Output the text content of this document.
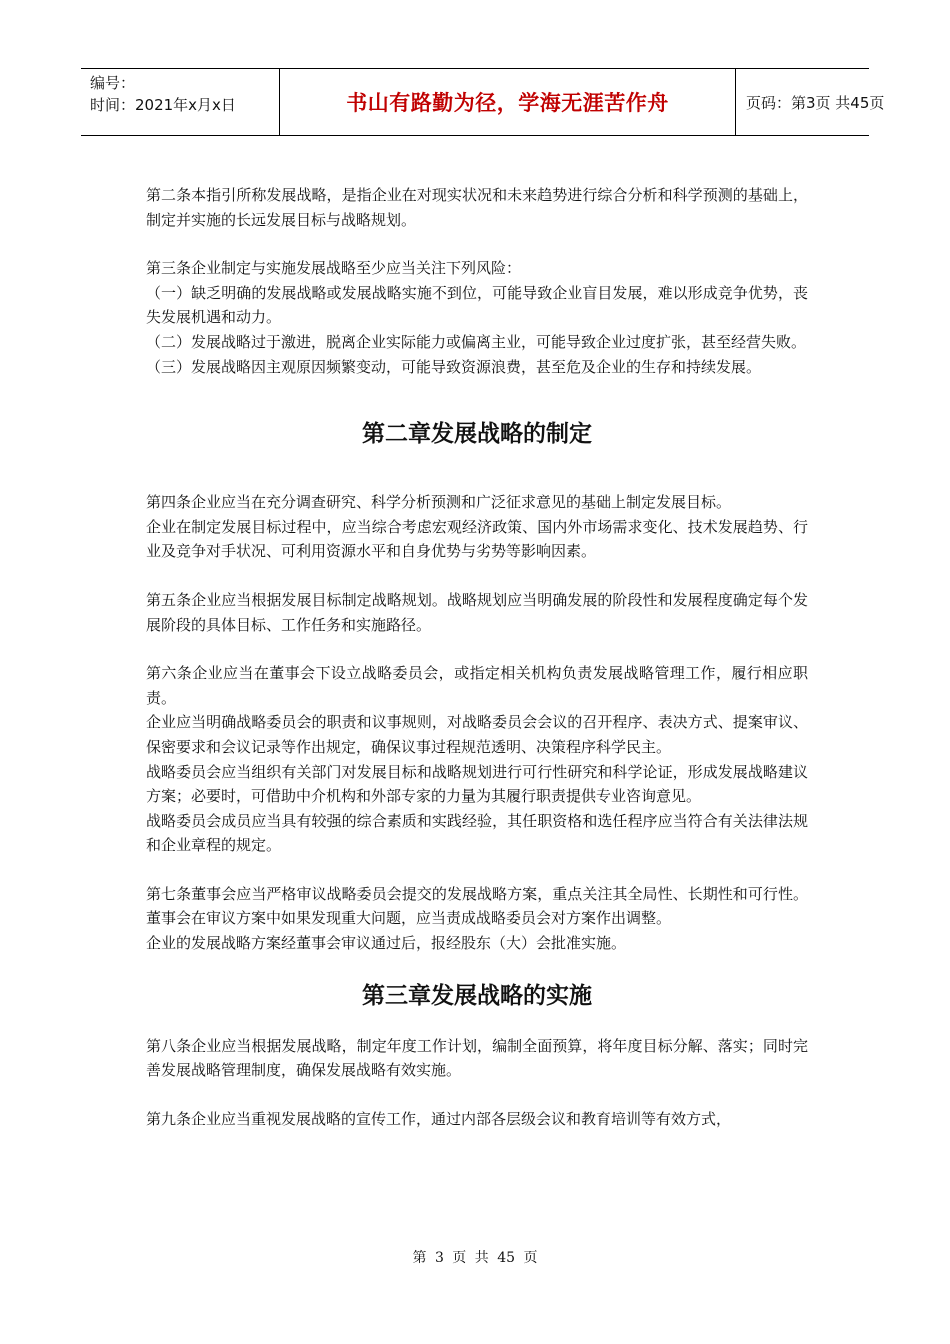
编号：
时间：2021年x月x日	书山有路勤为径，学海无涯苦作舟	页码：第3页 共45页

第二条本指引所称发展战略，是指企业在对现实状况和未来趋势进行综合分析和科学预测的基础上，制定并实施的长远发展目标与战略规划。

第三条企业制定与实施发展战略至少应当关注下列风险：

（一）缺乏明确的发展战略或发展战略实施不到位，可能导致企业盲目发展，难以形成竞争优势，丧失发展机遇和动力。

（二）发展战略过于激进，脱离企业实际能力或偏离主业，可能导致企业过度扩张，甚至经营失败。

（三）发展战略因主观原因频繁变动，可能导致资源浪费，甚至危及企业的生存和持续发展。

第二章发展战略的制定

第四条企业应当在充分调查研究、科学分析预测和广泛征求意见的基础上制定发展目标。

企业在制定发展目标过程中，应当综合考虑宏观经济政策、国内外市场需求变化、技术发展趋势、行业及竞争对手状况、可利用资源水平和自身优势与劣势等影响因素。

第五条企业应当根据发展目标制定战略规划。战略规划应当明确发展的阶段性和发展程度确定每个发展阶段的具体目标、工作任务和实施路径。

第六条企业应当在董事会下设立战略委员会，或指定相关机构负责发展战略管理工作，履行相应职责。

企业应当明确战略委员会的职责和议事规则，对战略委员会会议的召开程序、表决方式、提案审议、保密要求和会议记录等作出规定，确保议事过程规范透明、决策程序科学民主。

战略委员会应当组织有关部门对发展目标和战略规划进行可行性研究和科学论证，形成发展战略建议方案；必要时，可借助中介机构和外部专家的力量为其履行职责提供专业咨询意见。

战略委员会成员应当具有较强的综合素质和实践经验，其任职资格和选任程序应当符合有关法律法规和企业章程的规定。

第七条董事会应当严格审议战略委员会提交的发展战略方案，重点关注其全局性、长期性和可行性。董事会在审议方案中如果发现重大问题，应当责成战略委员会对方案作出调整。

企业的发展战略方案经董事会审议通过后，报经股东（大）会批准实施。

第三章发展战略的实施

第八条企业应当根据发展战略，制定年度工作计划，编制全面预算，将年度目标分解、落实；同时完善发展战略管理制度，确保发展战略有效实施。

第九条企业应当重视发展战略的宣传工作，通过内部各层级会议和教育培训等有效方式，

第 3 页 共 45 页
